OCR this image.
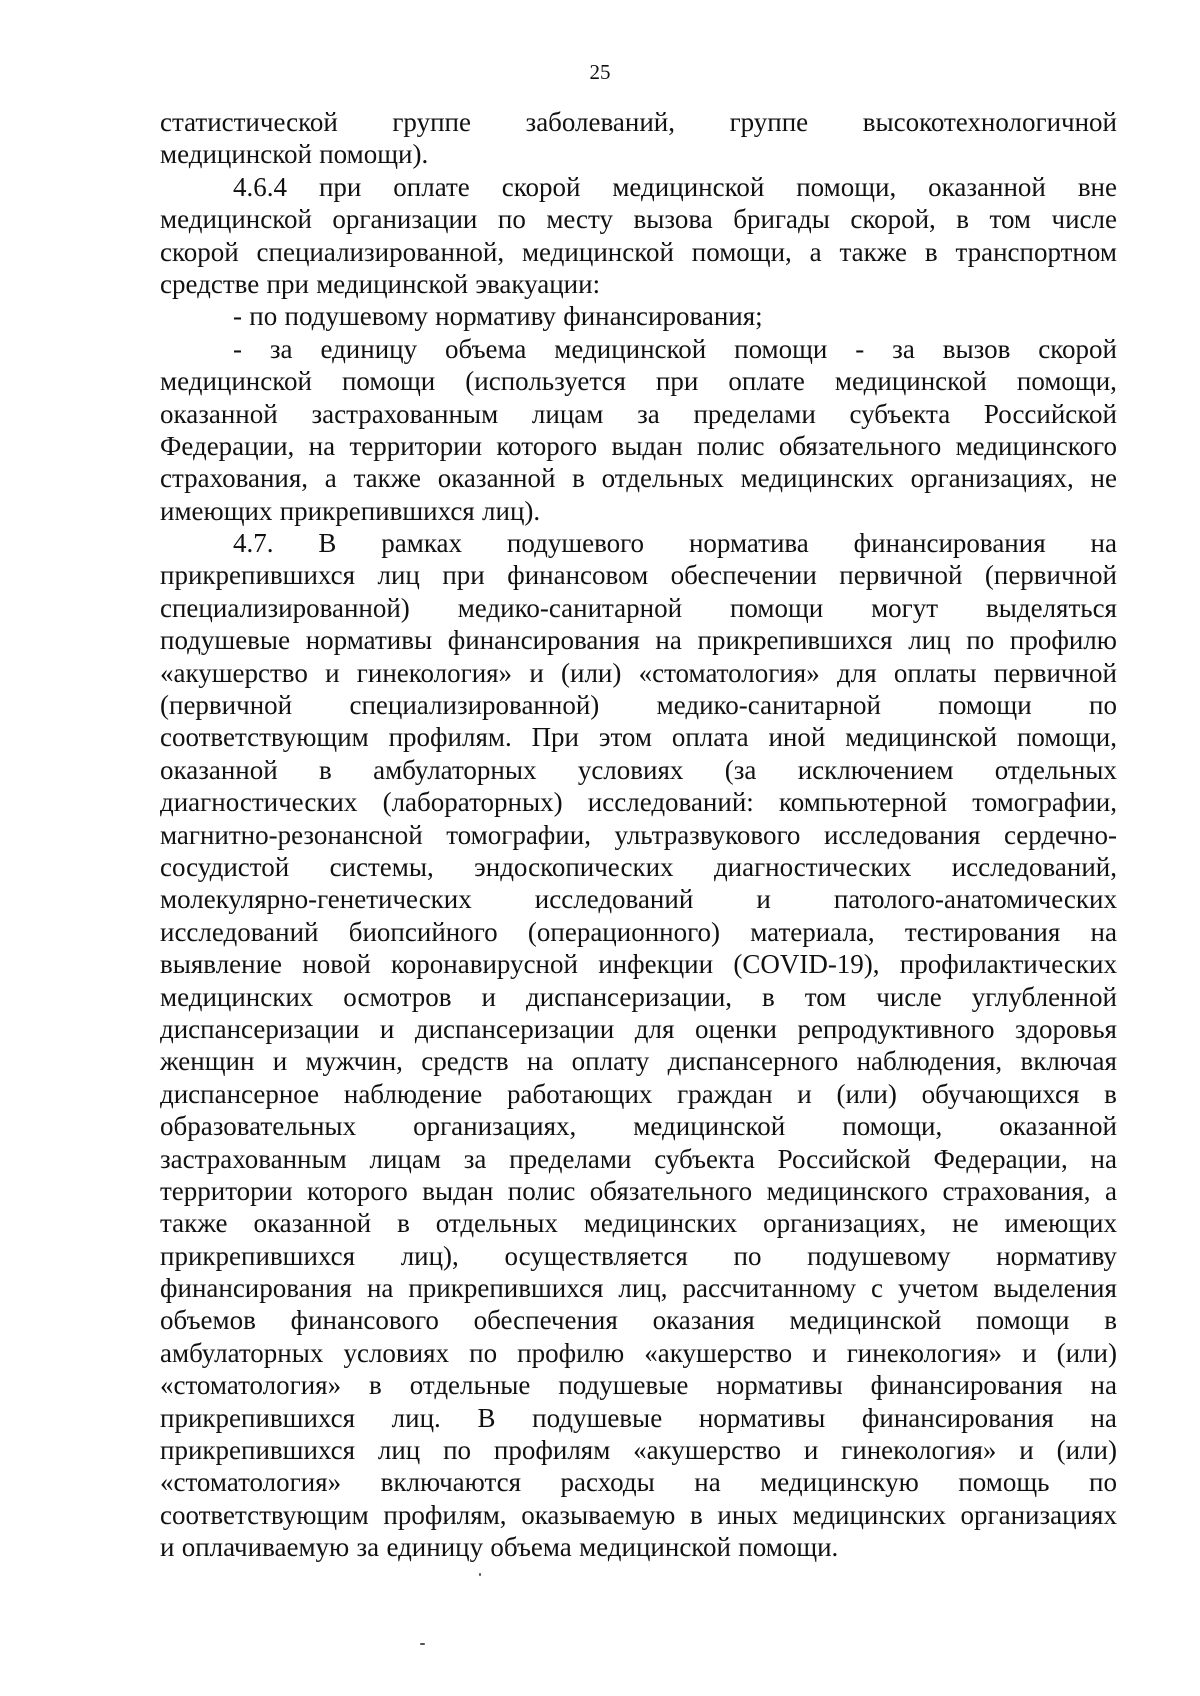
25
статистической группе заболеваний, группе высокотехнологичной
медицинской помощи).
4.6.4 при оплате скорой медицинской помощи, оказанной вне
медицинской организации по месту вызова бригады скорой, в том числе
скорой специализированной, медицинской помощи, а также в транспортном
средстве при медицинской эвакуации:
- по подушевому нормативу финансирования;
- за единицу объема медицинской помощи - за вызов скорой
медицинской помощи (используется при оплате медицинской помощи,
оказанной застрахованным лицам за пределами субъекта Российской
Федерации, на территории которого выдан полис обязательного медицинского
страхования, а также оказанной в отдельных медицинских организациях, не
имеющих прикрепившихся лиц).
4.7. В рамках подушевого норматива финансирования на
прикрепившихся лиц при финансовом обеспечении первичной (первичной
специализированной) медико-санитарной помощи могут выделяться
подушевые нормативы финансирования на прикрепившихся лиц по профилю
«акушерство и гинекология» и (или) «стоматология» для оплаты первичной
(первичной специализированной) медико-санитарной помощи по
соответствующим профилям. При этом оплата иной медицинской помощи,
оказанной в амбулаторных условиях (за исключением отдельных
диагностических (лабораторных) исследований: компьютерной томографии,
магнитно-резонансной томографии, ультразвукового исследования сердечно-
сосудистой системы, эндоскопических диагностических исследований,
молекулярно-генетических исследований и патолого-анатомических
исследований биопсийного (операционного) материала, тестирования на
выявление новой коронавирусной инфекции (COVID-19), профилактических
медицинских осмотров и диспансеризации, в том числе углубленной
диспансеризации и диспансеризации для оценки репродуктивного здоровья
женщин и мужчин, средств на оплату диспансерного наблюдения, включая
диспансерное наблюдение работающих граждан и (или) обучающихся в
образовательных организациях, медицинской помощи, оказанной
застрахованным лицам за пределами субъекта Российской Федерации, на
территории которого выдан полис обязательного медицинского страхования, а
также оказанной в отдельных медицинских организациях, не имеющих
прикрепившихся лиц), осуществляется по подушевому нормативу
финансирования на прикрепившихся лиц, рассчитанному с учетом выделения
объемов финансового обеспечения оказания медицинской помощи в
амбулаторных условиях по профилю «акушерство и гинекология» и (или)
«стоматология» в отдельные подушевые нормативы финансирования на
прикрепившихся лиц. В подушевые нормативы финансирования на
прикрепившихся лиц по профилям «акушерство и гинекология» и (или)
«стоматология» включаются расходы на медицинскую помощь по
соответствующим профилям, оказываемую в иных медицинских организациях
и оплачиваемую за единицу объема медицинской помощи.
